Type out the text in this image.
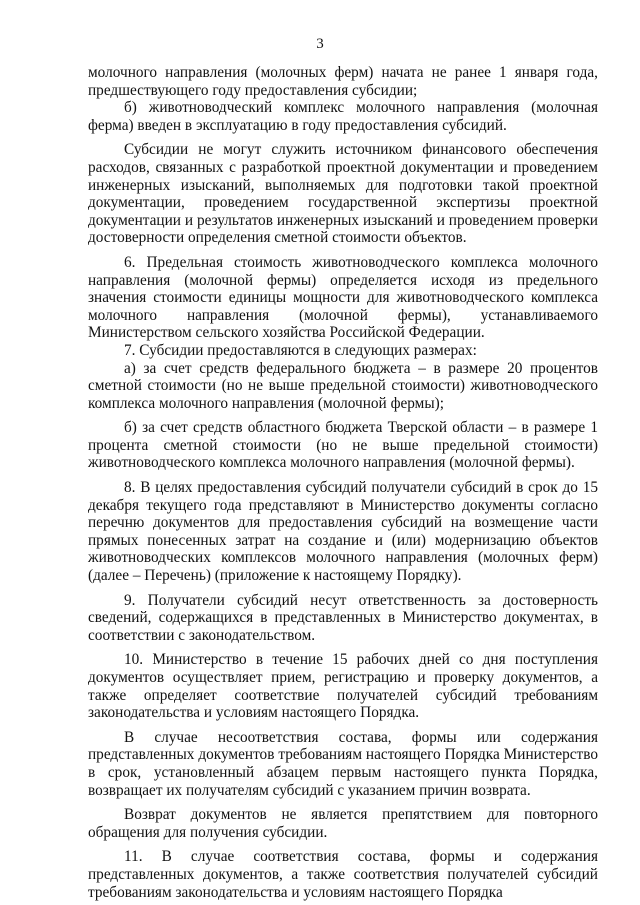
3

молочного направления (молочных ферм) начата не ранее 1 января года, предшествующего году предоставления субсидии;

б) животноводческий комплекс молочного направления (молочная ферма) введен в эксплуатацию в году предоставления субсидий.

Субсидии не могут служить источником финансового обеспечения расходов, связанных с разработкой проектной документации и проведением инженерных изысканий, выполняемых для подготовки такой проектной документации, проведением государственной экспертизы проектной документации и результатов инженерных изысканий и проведением проверки достоверности определения сметной стоимости объектов.

6. Предельная стоимость животноводческого комплекса молочного направления (молочной фермы) определяется исходя из предельного значения стоимости единицы мощности для животноводческого комплекса молочного направления (молочной фермы), устанавливаемого Министерством сельского хозяйства Российской Федерации.

7. Субсидии предоставляются в следующих размерах:

а) за счет средств федерального бюджета – в размере 20 процентов сметной стоимости (но не выше предельной стоимости) животноводческого комплекса молочного направления (молочной фермы);

б) за счет средств областного бюджета Тверской области – в размере 1 процента сметной стоимости (но не выше предельной стоимости) животноводческого комплекса молочного направления (молочной фермы).

8. В целях предоставления субсидий получатели субсидий в срок до 15 декабря текущего года представляют в Министерство документы согласно перечню документов для предоставления субсидий на возмещение части прямых понесенных затрат на создание и (или) модернизацию объектов животноводческих комплексов молочного направления (молочных ферм) (далее – Перечень) (приложение к настоящему Порядку).

9. Получатели субсидий несут ответственность за достоверность сведений, содержащихся в представленных в Министерство документах, в соответствии с законодательством.

10. Министерство в течение 15 рабочих дней со дня поступления документов осуществляет прием, регистрацию и проверку документов, а также определяет соответствие получателей субсидий требованиям законодательства и условиям настоящего Порядка.

В случае несоответствия состава, формы или содержания представленных документов требованиям настоящего Порядка Министерство в срок, установленный абзацем первым настоящего пункта Порядка, возвращает их получателям субсидий с указанием причин возврата.

Возврат документов не является препятствием для повторного обращения для получения субсидии.

11. В случае соответствия состава, формы и содержания представленных документов, а также соответствия получателей субсидий требованиям законодательства и условиям настоящего Порядка
